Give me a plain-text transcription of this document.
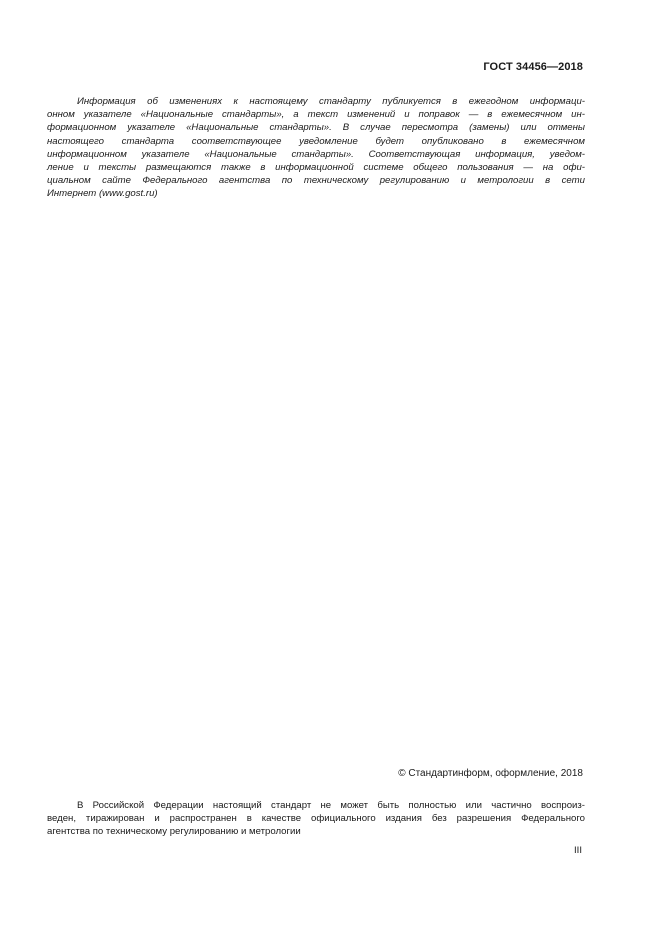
ГОСТ 34456—2018
Информация об изменениях к настоящему стандарту публикуется в ежегодном информаци-
онном указателе «Национальные стандарты», а текст изменений и поправок — в ежемесячном ин-
формационном указателе «Национальные стандарты». В случае пересмотра (замены) или отмены
настоящего стандарта соответствующее уведомление будет опубликовано в ежемесячном
информационном указателе «Национальные стандарты». Соответствующая информация, уведом-
ление и тексты размещаются также в информационной системе общего пользования — на офи-
циальном сайте Федерального агентства по техническому регулированию и метрологии в сети
Интернет (www.gost.ru)
© Стандартинформ, оформление, 2018
В Российской Федерации настоящий стандарт не может быть полностью или частично воспроиз-
веден, тиражирован и распространен в качестве официального издания без разрешения Федерального
агентства по техническому регулированию и метрологии
III
